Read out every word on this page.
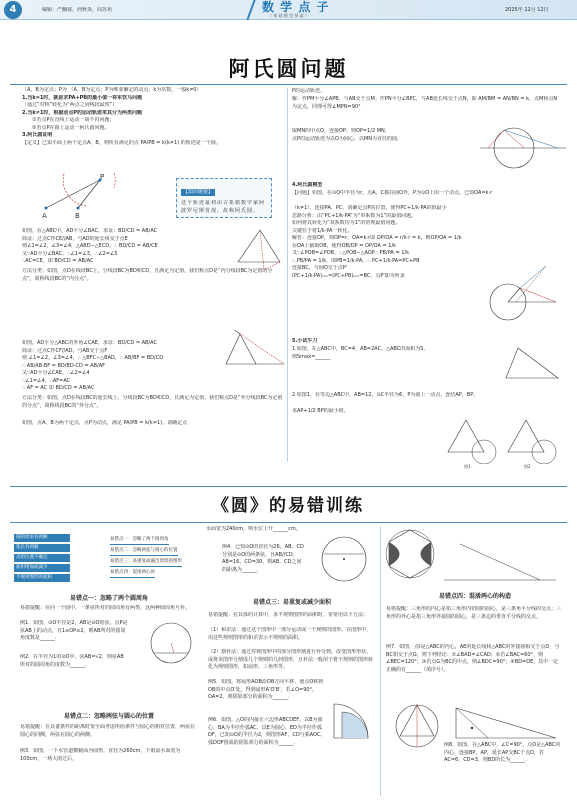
4	编辑：严翻叙，何秋炎，周苏苑	数 学 点 子
（ 基 础 模 型 探 索 ）
2025年 12月 12日
阿氏圆问题
（A、B为定点；P为 （A、B为定点；P为绑要确定的动点；k为常数，一般k≠0）
1.当k=1时，就是求PA+PB的最小值一将军饮马问题
（通过“对称”转化为“两点之间线段最短”）
2.当k≠1时，根据动点P的运动轨迹来其分为两类问题
①若点P在直线上运动一胡不归问题；
②若点P在圆上运动一阿氏圆问题。
3.阿氏圆证明
【定义】已知平面上两个定点A、B，则所有满足的点 PA/PB = k(k≠1) 的轨迹是一个圆。
A	B
P
【知识链接】
这个轨迹最初由古希腊数学家阿波罗尼斯发现，故称阿氏圆。
如图，在△ABC中，AD平分∠BAC，求证：BD/CD = AB/AC
简证：过点C作CE//AB，与AD的延长线交于点E
则∠1=∠2，∠3=∠4，△ABD∽△ECD，∴ BD/CD = AB/CE
又∵AD平分∠BAC，∴∠1=∠3，∴∠2=∠5
∴AC=CE，即 BD/CD = AB/AC
方法分类：如图，点D在线段BC上，分线段BC为BD和CD，且满足为定值，我们称点D是“内分线段BC为定值的分点”，简称线段BC的“内分点”。
如图，AD平分△ABC的外角∠CAE，求证：BD/CD = AB/AC
简证：过点C作CF//AD，与AB交于点F
则 ∠1=∠2，∠3=∠4，∴ △BFC∽△BAD，∴ AB/BF = BD/CD
∴ AB/AB-BF = BD/BD-CD = AB/AF
又∵AD平分∠CAE，∴∠2=∠4
∴∠1=∠4，∴AF=AC
∴ AF = AC 即 BD/CD = AB/AC
方法分类：如图，点D在线段BC的延长线上，分线段BC为BD和CD，且满足为定值，我们称点D是“外分线段BC为定值的分点”，简称线段BC的“外分点”。
如图，点A、B为两个定点，点P为动点，满足 PA/PB = k(k≠1)，请确定点
P的运动轨迹。
解：作PM平分∠APB，与AB交于点M；作PN平分∠BPC，与AB延长线交于点N，即 AM/BM = AN/BN = k，点M和点N为定点，同理可得∠MPN=90°
取MN的中点O，连接OP，则OP=1/2 MN，
点P的运动轨迹为以O为圆心，以MN为直径的圆。
4.阿氏圆模型
【问题】如图，在⊙O中半径为r，点A，C都在圆O外，P为⊙O上的一个动点，已知OA=k·r
（k≠1），连接PA、PC，请确定点P的位置，使得PC+1/k·PA的值最小
思路分析：由“PC+1/k·PA”为“单系数为1”的最值问题。
如何将其转化为“双系数均为1”的常规最值问题。
关键在于将1/k·PA一转化。
解答：连接OP，则OP=r，OA=k·r即 OP/OA = r/k·r = k，则OP/OA = 1/k
在OA上截取OB，使得OB/OP = OP/OA = 1/k
又∵∠POB=∠POB，∴△POB∽△AOP∴ PB/PA = 1/k
∴ PB/PA = 1/k，即PB=1/k·PA，∴ PC+1/k·PA=PC+PB
连接BC，与圆O交于点P'
(PC+1/k·PA)ₘᵢₙ=(PC+PB)ₘᵢₙ=BC，点P'即为所求
5.小试牛刀
1.如图，在△ABC中，BC=4，AB=2AC，△ABC的面积为S，
则Smax=______
2.如图1，在等边△ABC中，AB=12，⊙C半径为6，P为圆上一动点，连结AP，BP，
求AP+1/2 BP的最小值。
图1	图2
《圆》的易错训练
圆的周角有两解
弦长有两解
点的位置不确定
面积增加或减少
不规则图形的面积
易错点一：忽略了两个圆周角
易错点二：忽略两弦与圆心的位置
易错点三：易重复或漏出剪影的图形
易错点四：混淆两心的
易错点一：忽略了两个圆周角
易错提醒：在同一个圆中，一条弦所对的圆周角有两类，这两种圆周角互补。
例1．如图，⊙O半径是2，AB是⊙O的弦，点P是弦AB上的动点，且1≤OP≤2，则AB所对的圆周角度数是______.
例2．在半径为1的⊙O中，弦AB=√2，则弦AB所对的圆周角的度数为______.
易错点二：忽略两弦与圆心的位置
易错提醒：在具备条件的距离时要全面考虑所给条件与圆心的相对位置，两弦在圆心的同侧，两弦在圆心的两侧。
例3．如图，一下水管道横截面为圆形，直径为260cm，下雨前水面宽为100cm，一场大雨过后，
水面宽为240cm，则水位上升______cm。
例4．已知⊙O的直径为26，AB、CD分别是⊙O的两条弦，且AB//CD，AB=16，CD=30，则AB、CD之间的距离为______.
易错点三：易重复或减少面积
易错提醒：在具体的计算中，求不规则图形的面积时，常常用以下方法：
（1）和差法：通过这个图形中一部分运动或一个规则的图形，在图形中，用这些规则图形的和差表示不规则的面积。
（2）割补法：通过对将图形中的部分图形割进行补分到，改变图形形状，或将该图形分割成几个规则的几何图形，且补法一般用于将不规则的图形转化为规则图形，如扇形，三角形等。
例5．如图，将扇形AOB沿OB方向平移，使点O移到OB的中点O'处，得到扇形A'O'B'，若∠O=90°，OA=2，则阴影部分的面积为______.
例6．如图，△O的内接正六边形ABCDEF，以B为圆心，BA为半径作弧AC，以E为圆心，ED为半径作弧DF，已知⊙O的半径为2，则图形AF、CD与弧AOC、弧DOF围成的阴影部分的面积为______.
易错点四：混淆两心的构造
易错提醒：三角形的内心是指三角形内切圆的圆心，是三条角平分线的交点；三角形的外心是指三角形外接圆的圆心，是三条边的垂直平分线的交点。
例7．如图，点I是△ABC的内心，AE的延长线和△ABC的外接圆相交于点D，与BC相交于点G，则下列结论：①∠BAD=∠CAD；②若∠BAC=60°，则∠BEC=120°；③若点G为BC的中点，则∠BDC=90°；④BD=DE。其中一定正确的有______（填序号）。
例8．如图，在△ABC中，∠C=90°，点O是△ABC的内心，连接BP，AP，延长AP交BC于点D，若AC=6，CD=3，则BD的长为______.
